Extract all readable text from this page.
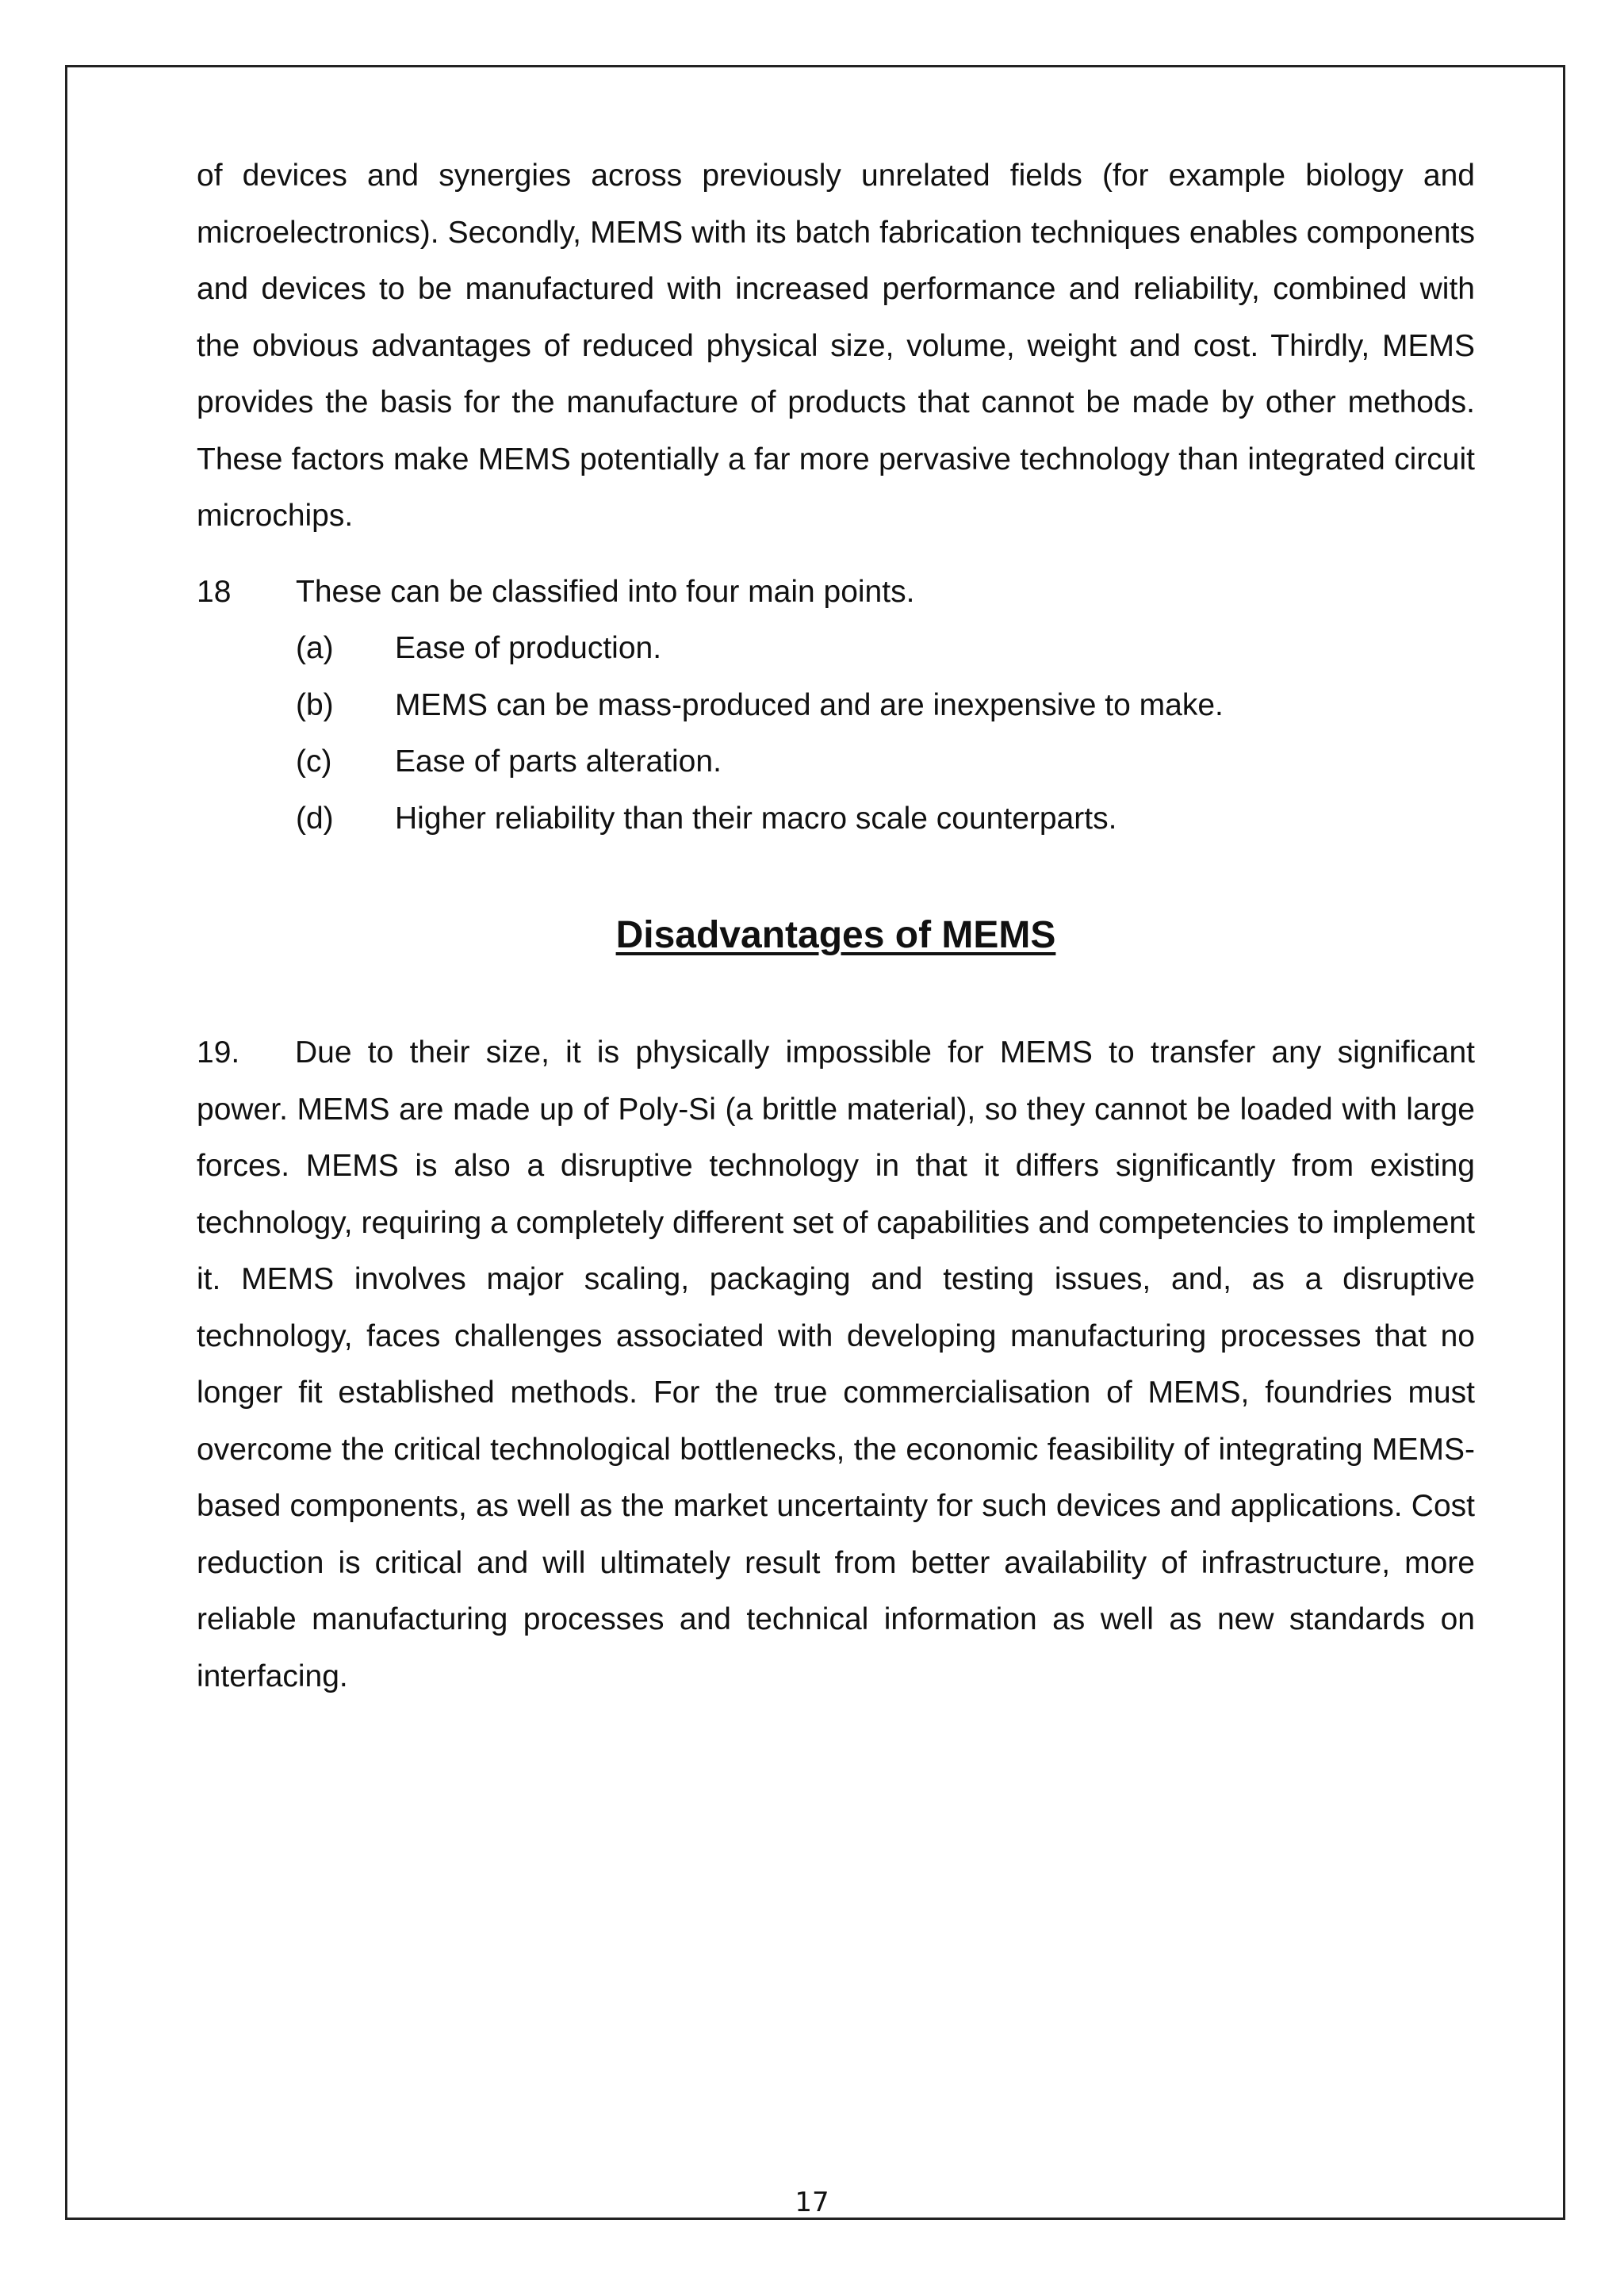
of devices and synergies across previously unrelated fields (for example biology and microelectronics). Secondly, MEMS with its batch fabrication techniques enables components and devices to be manufactured with increased performance and reliability, combined with the obvious advantages of reduced physical size, volume, weight and cost. Thirdly, MEMS provides the basis for the manufacture of products that cannot be made by other methods. These factors make MEMS potentially a far more pervasive technology than integrated circuit microchips.

18 These can be classified into four main points.
(a) Ease of production.
(b) MEMS can be mass-produced and are inexpensive to make.
(c) Ease of parts alteration.
(d) Higher reliability than their macro scale counterparts.
Disadvantages of MEMS

19. Due to their size, it is physically impossible for MEMS to transfer any significant power. MEMS are made up of Poly-Si (a brittle material), so they cannot be loaded with large forces. MEMS is also a disruptive technology in that it differs significantly from existing technology, requiring a completely different set of capabilities and competencies to implement it. MEMS involves major scaling, packaging and testing issues, and, as a disruptive technology, faces challenges associated with developing manufacturing processes that no longer fit established methods. For the true commercialisation of MEMS, foundries must overcome the critical technological bottlenecks, the economic feasibility of integrating MEMS-based components, as well as the market uncertainty for such devices and applications. Cost reduction is critical and will ultimately result from better availability of infrastructure, more reliable manufacturing processes and technical information as well as new standards on interfacing.

17
